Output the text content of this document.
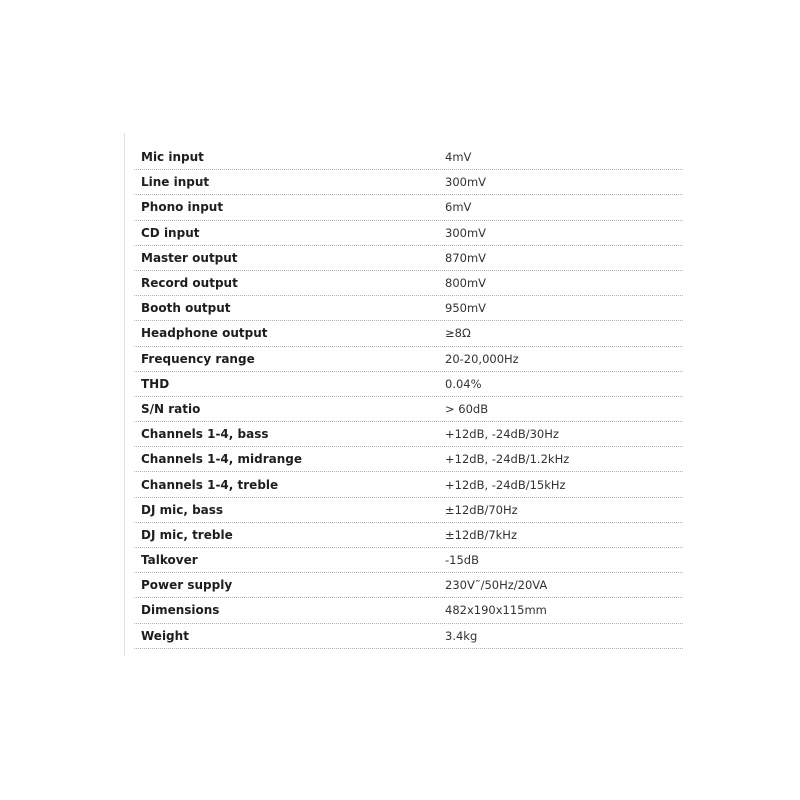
Mic input	4mV
Line input	300mV
Phono input	6mV
CD input	300mV
Master output	870mV
Record output	800mV
Booth output	950mV
Headphone output	≥8Ω
Frequency range	20-20,000Hz
THD	0.04%
S/N ratio	> 60dB
Channels 1-4, bass	+12dB, -24dB/30Hz
Channels 1-4, midrange	+12dB, -24dB/1.2kHz
Channels 1-4, treble	+12dB, -24dB/15kHz
DJ mic, bass	±12dB/70Hz
DJ mic, treble	±12dB/7kHz
Talkover	-15dB
Power supply	230V˜/50Hz/20VA
Dimensions	482x190x115mm
Weight	3.4kg
